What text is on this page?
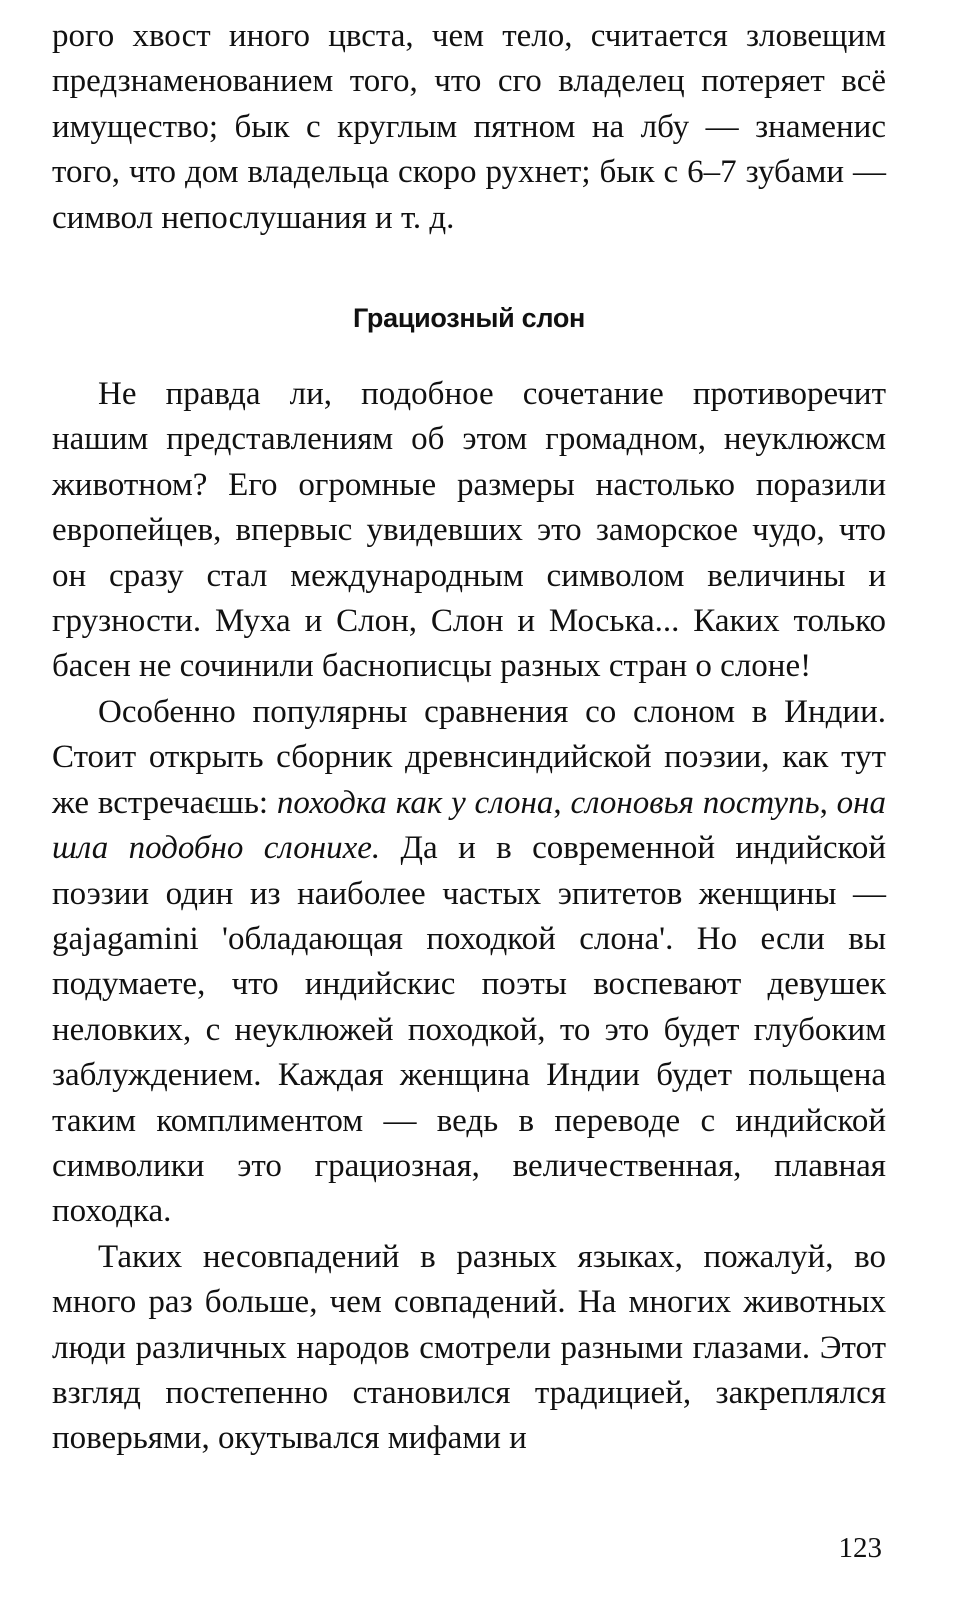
рого хвост иного цвста, чем тело, считается зловещим предзнаменованием того, что сго владелец потеряет всё имущество; бык с круглым пятном на лбу — знаменис того, что дом владельца скоро рухнет; бык с 6–7 зубами — символ непослушания и т. д.

Грациозный слон

Не правда ли, подобное сочетание противоречит нашим представлениям об этом громадном, неуклюжсм животном? Его огромные размеры настолько поразили европейцев, впервыс увидевших это заморское чудо, что он сразу стал международным символом величины и грузности. Муха и Слон, Слон и Моська... Каких только басен не сочинили баснописцы разных стран о слоне!

Особенно популярны сравнения со слоном в Индии. Стоит открыть сборник древнсиндийской поэзии, как тут же встречаєшь: походка как у слона, слоновья поступь, она шла подобно слонихе. Да и в современной индийской поэзии один из наиболее частых эпитетов женщины — gajagamini 'обладающая походкой слона'. Но если вы подумаете, что индийскис поэты воспевают девушек неловких, с неуклюжей походкой, то это будет глубоким заблуждением. Каждая женщина Индии будет польщена таким комплиментом — ведь в переводе с индийской символики это грациозная, величественная, плавная походка.

Таких несовпадений в разных языках, пожалуй, во много раз больше, чем совпадений. На многих животных люди различных народов смотрели разными глазами. Этот взгляд постепенно становился традицией, закреплялся поверьями, окутывался мифами и

123
